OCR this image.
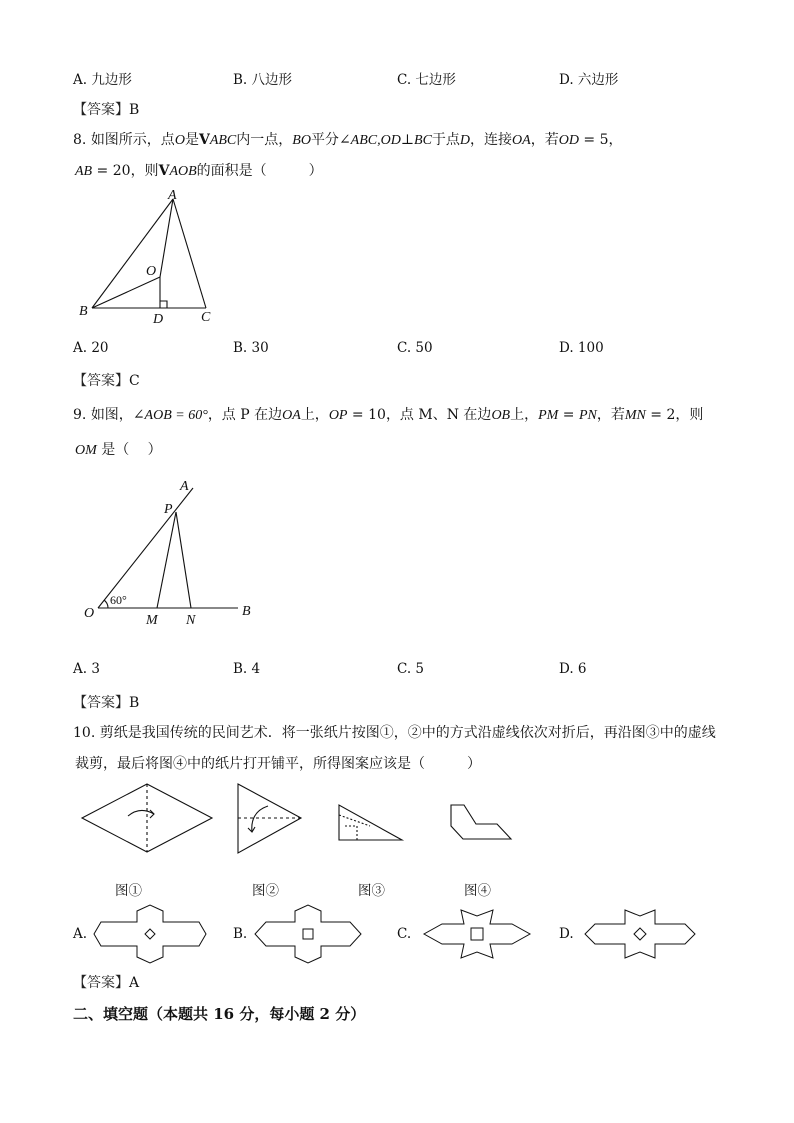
A. 九边形	B. 八边形	C. 七边形	D. 六边形
【答案】B
8. 如图所示，点O是VABC内一点，BO平分∠ABC,OD⊥BC于点D，连接OA，若OD = 5，
AB = 20，则VAOB的面积是（　　　）
A
B	C
D
O
A. 20	B. 30	C. 50	D. 100
【答案】C
9. 如图，∠AOB = 60°，点 P 在边OA上，OP = 10，点 M、N 在边OB上，PM = PN，若MN = 2，则
OM 是（　 ）
A
P
O	M N
B
60°
A. 3	B. 4	C. 5	D. 6
【答案】B
10. 剪纸是我国传统的民间艺术．将一张纸片按图①，②中的方式沿虚线依次对折后，再沿图③中的虚线
裁剪，最后将图④中的纸片打开铺平，所得图案应该是（　　　）
图①	图②	图③	图④
A.	B.	C.	D.
【答案】A
二、填空题（本题共 16 分，每小题 2 分）
